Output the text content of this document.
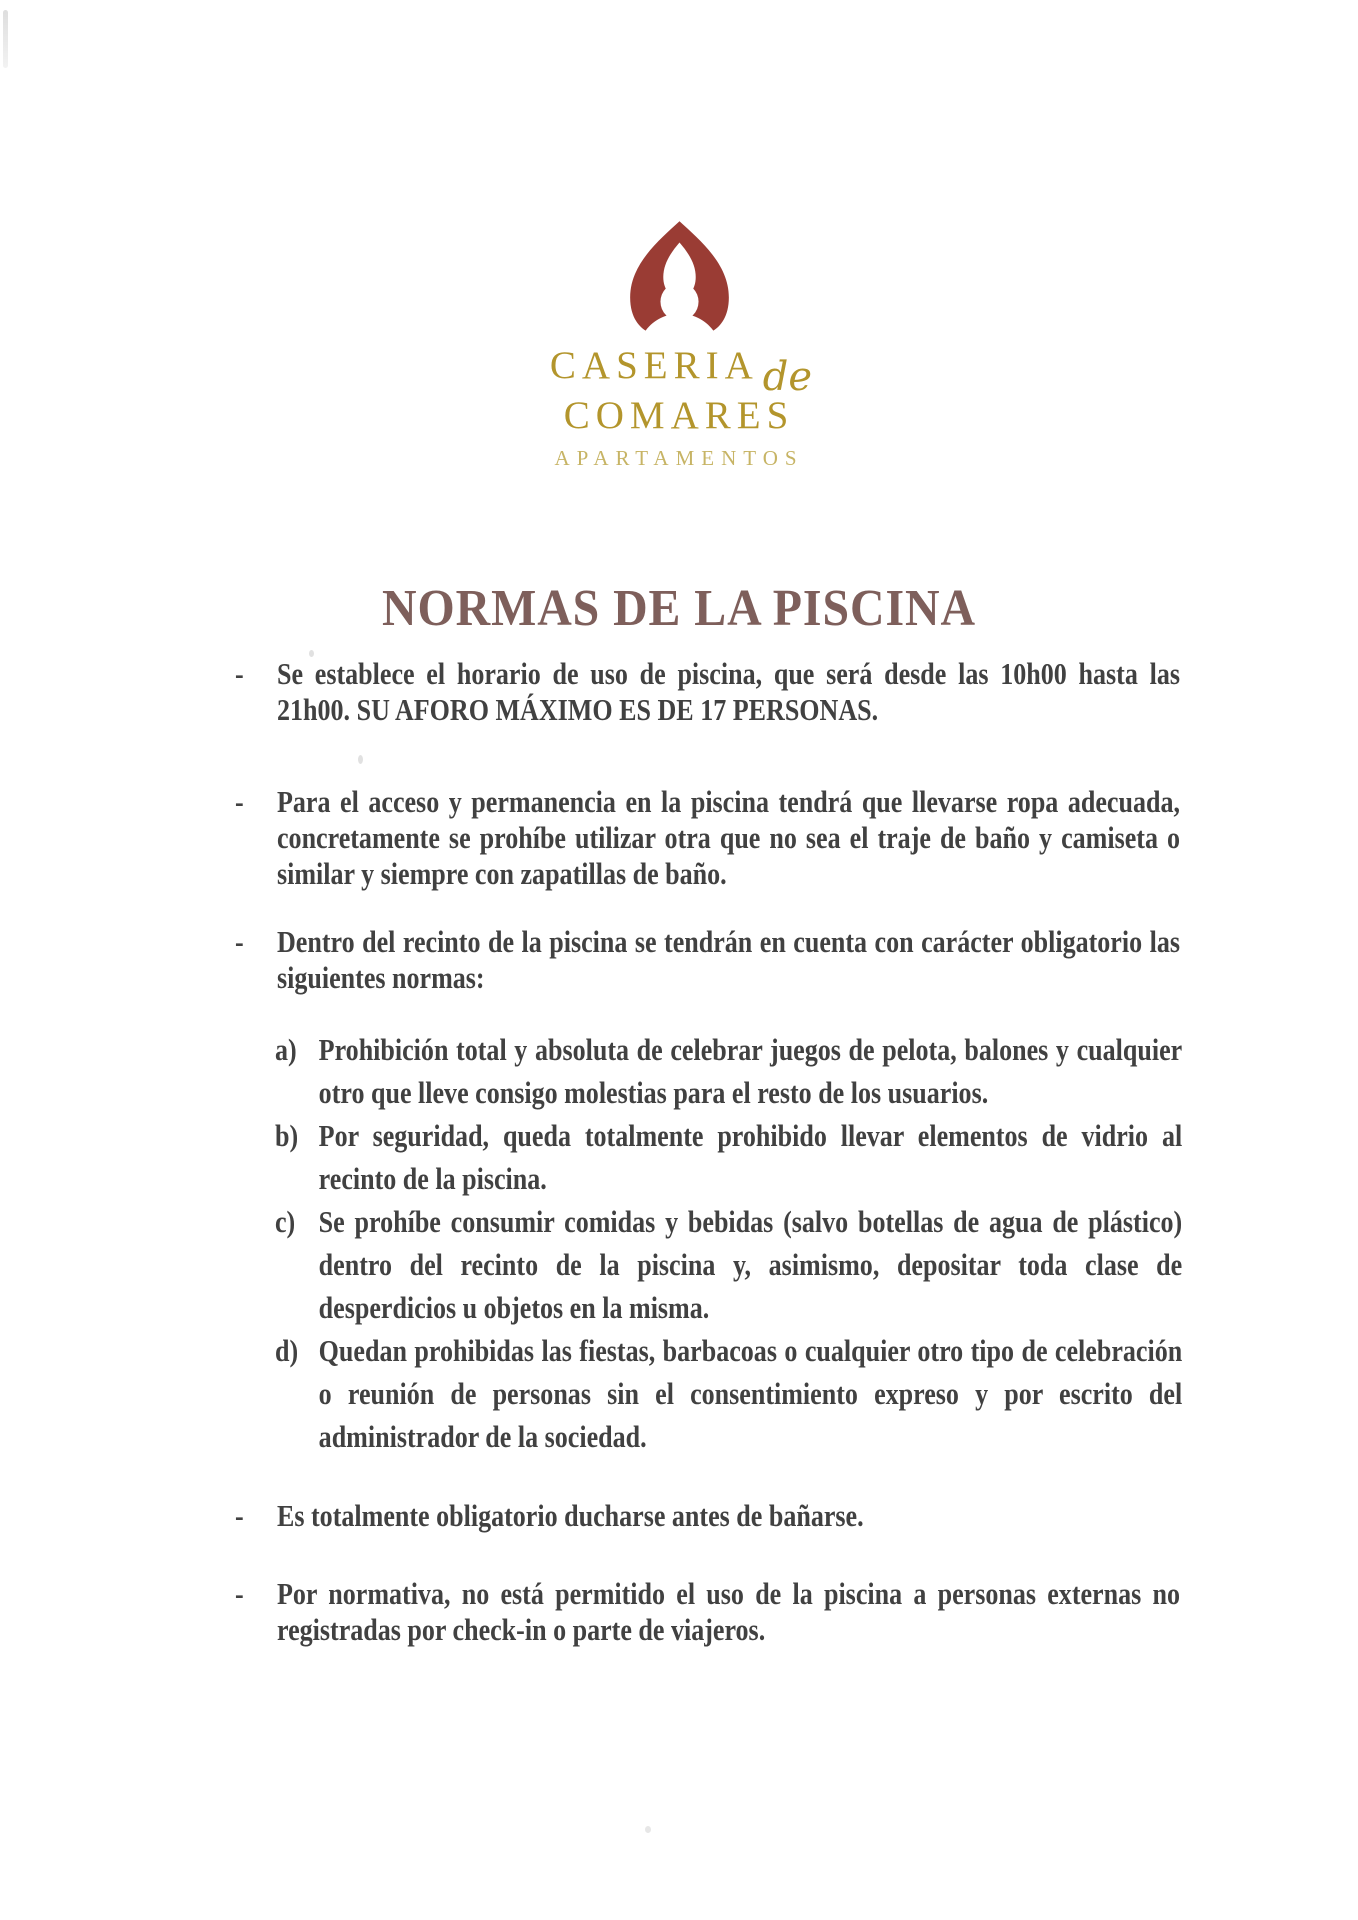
CASERIA de
COMARES
APARTAMENTOS
NORMAS DE LA PISCINA
- Se establece el horario de uso de piscina, que será desde las 10h00 hasta las 21h00. SU AFORO MÁXIMO ES DE 17 PERSONAS.
- Para el acceso y permanencia en la piscina tendrá que llevarse ropa adecuada, concretamente se prohíbe utilizar otra que no sea el traje de baño y camiseta o similar y siempre con zapatillas de baño.
- Dentro del recinto de la piscina se tendrán en cuenta con carácter obligatorio las siguientes normas:
a) Prohibición total y absoluta de celebrar juegos de pelota, balones y cualquier otro que lleve consigo molestias para el resto de los usuarios.
b) Por seguridad, queda totalmente prohibido llevar elementos de vidrio al recinto de la piscina.
c) Se prohíbe consumir comidas y bebidas (salvo botellas de agua de plástico) dentro del recinto de la piscina y, asimismo, depositar toda clase de desperdicios u objetos en la misma.
d) Quedan prohibidas las fiestas, barbacoas o cualquier otro tipo de celebración o reunión de personas sin el consentimiento expreso y por escrito del administrador de la sociedad.
- Es totalmente obligatorio ducharse antes de bañarse.
- Por normativa, no está permitido el uso de la piscina a personas externas no registradas por check-in o parte de viajeros.
